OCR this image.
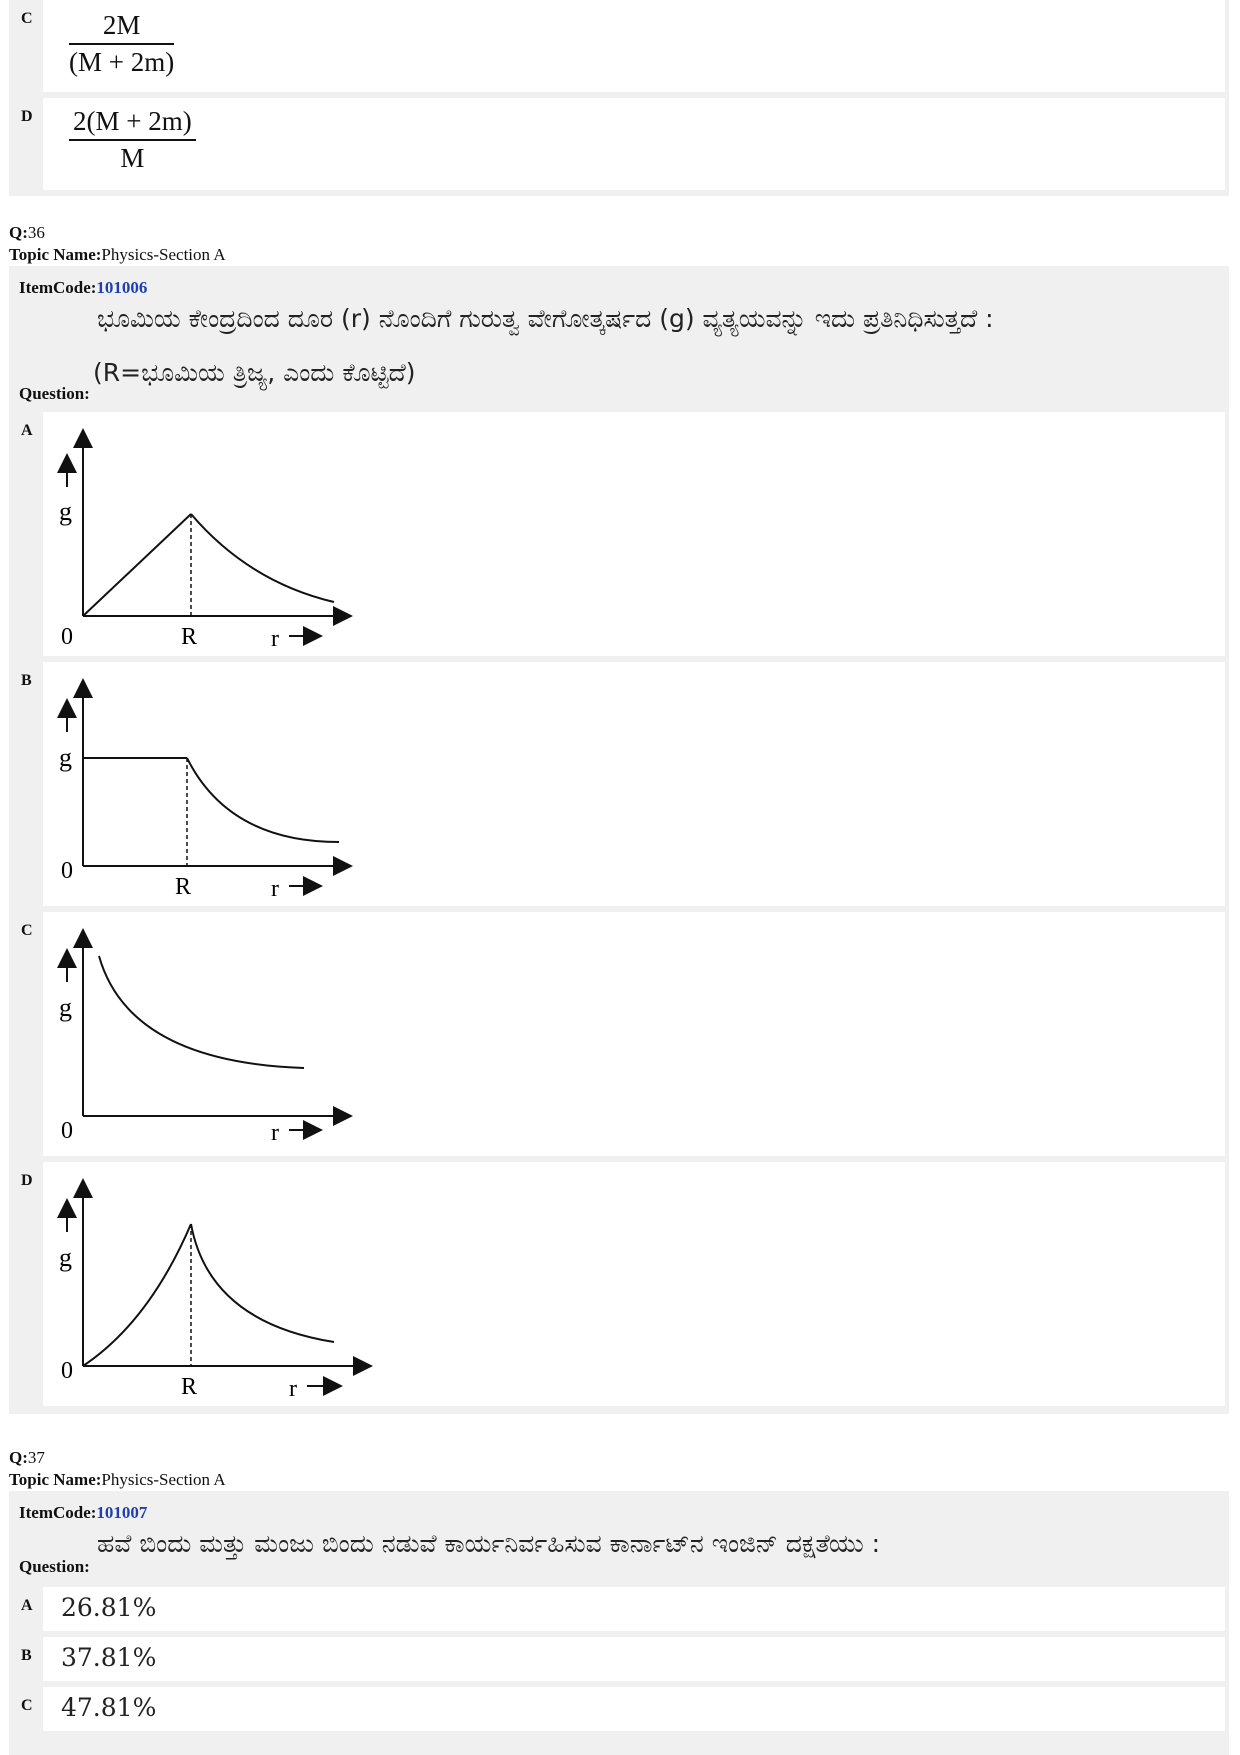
C	2M
(M + 2m)
D	2(M + 2m)
M
Q:36
Topic Name:Physics-Section A
ItemCode:101006
ಭೂಮಿಯ ಕೇಂದ್ರದಿಂದ ದೂರ (r) ನೊಂದಿಗೆ ಗುರುತ್ವ ವೇಗೋತ್ಕರ್ಷದ (g) ವ್ಯತ್ಯಯವನ್ನು ಇದು ಪ್ರತಿನಿಧಿಸುತ್ತದೆ :
(R=ಭೂಮಿಯ ತ್ರಿಜ್ಯ, ಎಂದು ಕೊಟ್ಟಿದೆ)
Question:
A
g
0	R	r
B
g
0
R	r
C
g
0	r
D
g
0
R	r
Q:37
Topic Name:Physics-Section A
ItemCode:101007
ಹವೆ ಬಿಂದು ಮತ್ತು ಮಂಜು ಬಿಂದು ನಡುವೆ ಕಾರ್ಯನಿರ್ವಹಿಸುವ ಕಾರ್ನಾಟ್‌ನ ಇಂಜಿನ್ ದಕ್ಷತೆಯು :
Question:
A	26.81%
B	37.81%
C	47.81%
